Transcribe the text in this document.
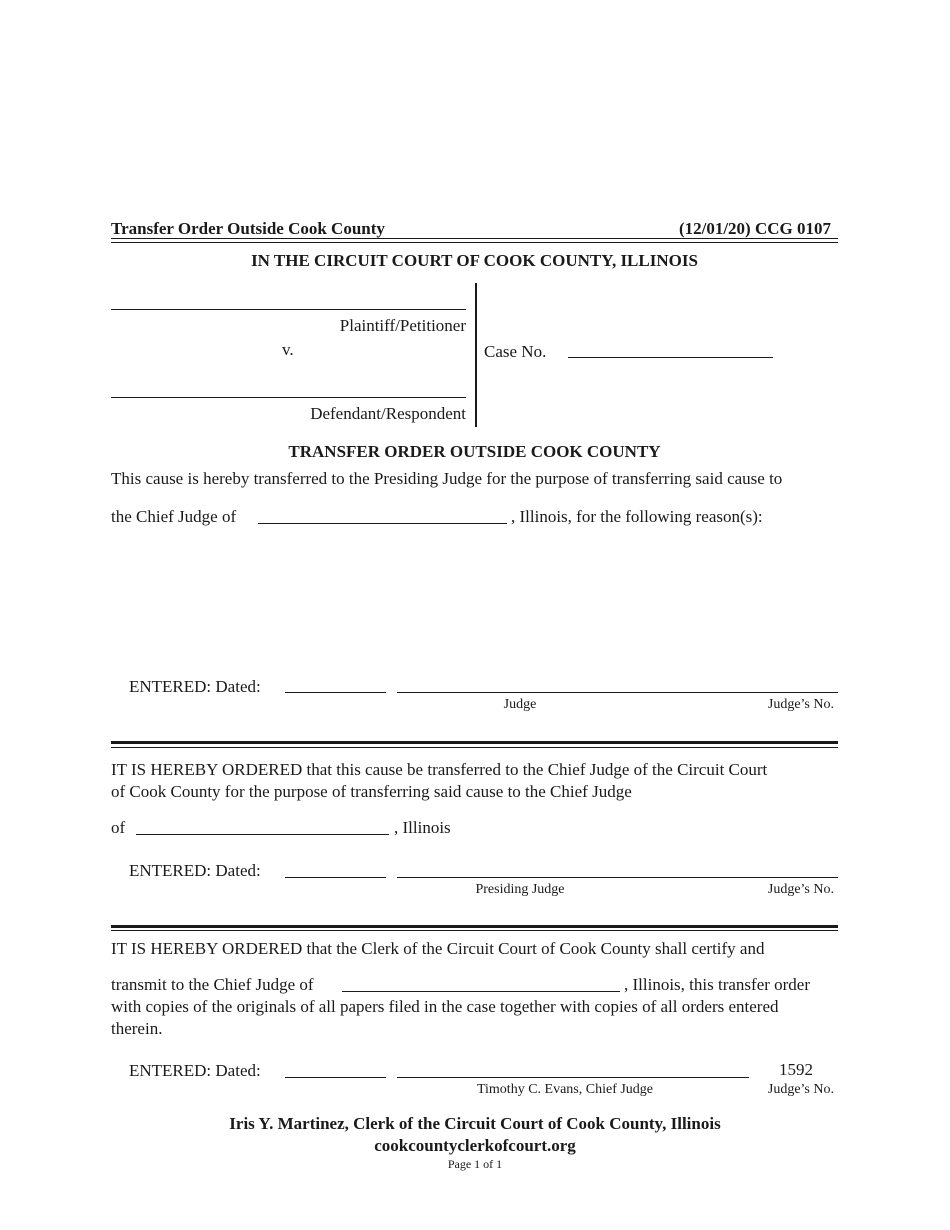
Transfer Order Outside Cook County	(12/01/20) CCG 0107
IN THE CIRCUIT COURT OF COOK COUNTY, ILLINOIS
Plaintiff/Petitioner
v.
Defendant/Respondent
Case No.
TRANSFER ORDER OUTSIDE COOK COUNTY
This cause is hereby transferred to the Presiding Judge for the purpose of transferring said cause to
the Chief Judge of	, Illinois, for the following reason(s):
ENTERED: Dated:
Judge	Judge’s No.
IT IS HEREBY ORDERED that this cause be transferred to the Chief Judge of the Circuit Court
of Cook County for the purpose of transferring said cause to the Chief Judge
of	, Illinois
ENTERED: Dated:
Presiding Judge	Judge’s No.
IT IS HEREBY ORDERED that the Clerk of the Circuit Court of Cook County shall certify and
transmit to the Chief Judge of	, Illinois, this transfer order
with copies of the originals of all papers filed in the case together with copies of all orders entered
therein.
ENTERED: Dated:	1592
Timothy C. Evans, Chief Judge	Judge’s No.
Iris Y. Martinez, Clerk of the Circuit Court of Cook County, Illinois
cookcountyclerkofcourt.org
Page 1 of 1
